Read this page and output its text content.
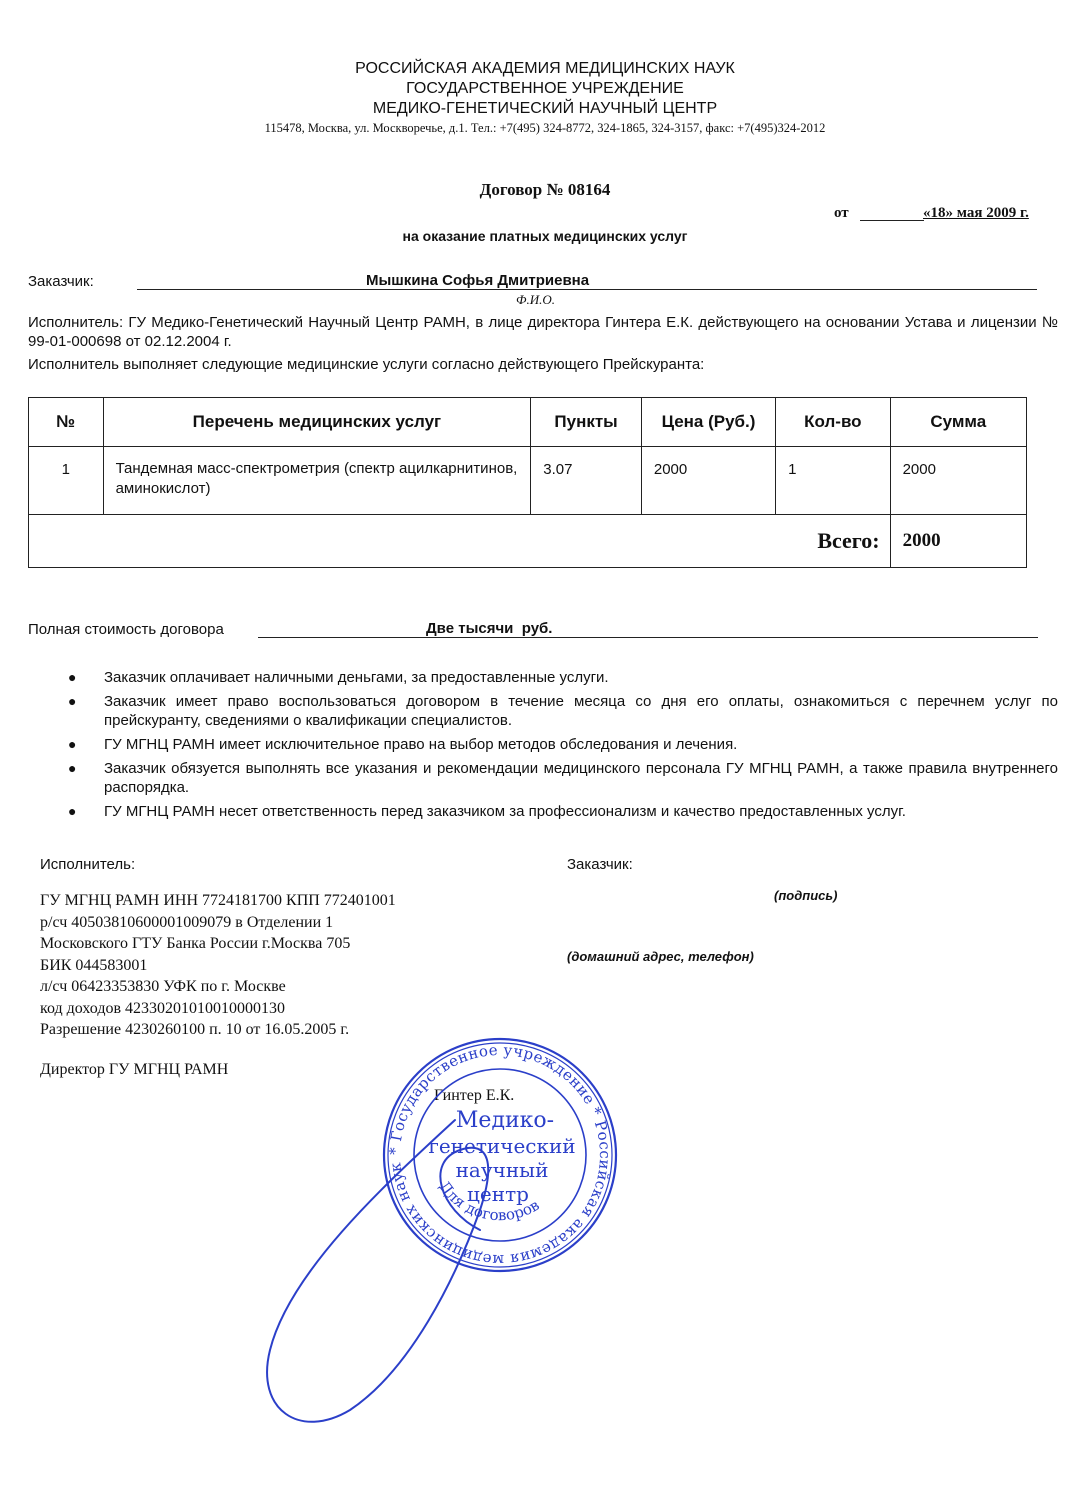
РОССИЙСКАЯ АКАДЕМИЯ МЕДИЦИНСКИХ НАУК
ГОСУДАРСТВЕННОЕ УЧРЕЖДЕНИЕ
МЕДИКО-ГЕНЕТИЧЕСКИЙ НАУЧНЫЙ ЦЕНТР
115478, Москва, ул. Москворечье, д.1. Тел.: +7(495) 324-8772, 324-1865, 324-3157, факс: +7(495)324-2012
Договор № 08164
от	«18» мая 2009 г.
на оказание платных медицинских услуг
Заказчик:	Мышкина Софья Дмитриевна
Ф.И.О.
Исполнитель: ГУ Медико-Генетический Научный Центр РАМН, в лице директора Гинтера Е.К. действующего на основании Устава и лицензии № 99-01-000698 от 02.12.2004 г.
Исполнитель выполняет следующие медицинские услуги согласно действующего Прейскуранта:
№	Перечень медицинских услуг	Пункты	Цена (Руб.)	Кол-во	Сумма
1	Тандемная масс-спектрометрия (спектр ацилкарнитинов, аминокислот)	3.07	2000	1	2000
Всего:					2000
Полная стоимость договора	Две тысячи  руб.
● Заказчик оплачивает наличными деньгами, за предоставленные услуги.
● Заказчик имеет право воспользоваться договором в течение месяца со дня его оплаты, ознакомиться с перечнем услуг по прейскуранту, сведениями о квалификации специалистов.
● ГУ МГНЦ РАМН имеет исключительное право на выбор методов обследования и лечения.
● Заказчик обязуется выполнять все указания и рекомендации медицинского персонала ГУ МГНЦ РАМН, а также правила внутреннего распорядка.
● ГУ МГНЦ РАМН несет ответственность перед заказчиком за профессионализм и качество предоставленных услуг.
Исполнитель:	Заказчик:
(подпись)
(домашний адрес, телефон)
ГУ МГНЦ РАМН ИНН 7724181700 КПП 772401001
р/сч 40503810600001009079 в Отделении 1
Московского ГТУ Банка России г.Москва 705
БИК 044583001
л/сч 06423353830 УФК по г. Москве
код доходов 42330201010010000130
Разрешение 4230260100 п. 10 от 16.05.2005 г.
Директор ГУ МГНЦ РАМН
Гинтер Е.К.
* Государственное учреждение * Российская академия медицинских наук
Медико-
генетический
научный
центр
Для договоров
